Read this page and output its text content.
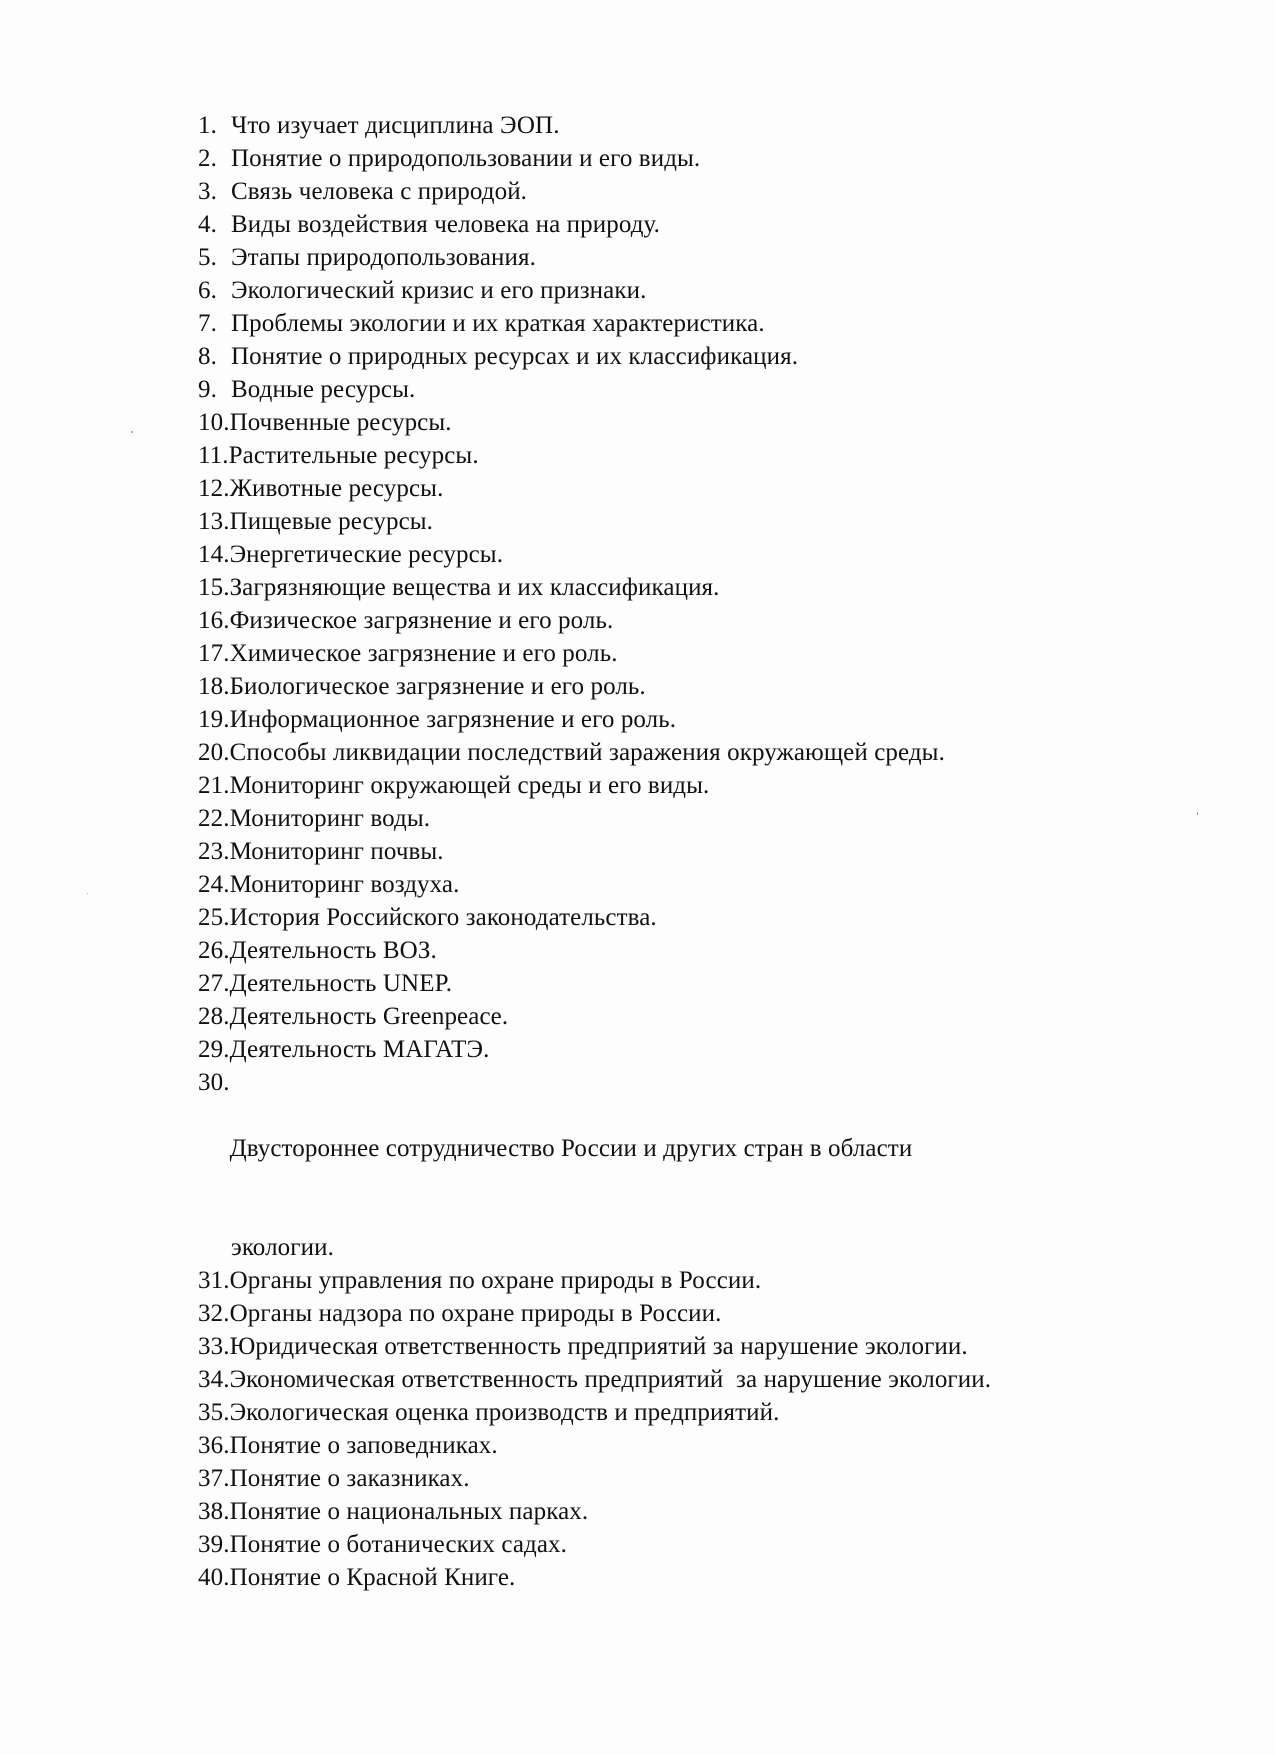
1. Что изучает дисциплина ЭОП.
2. Понятие о природопользовании и его виды.
3. Связь человека с природой.
4. Виды воздействия человека на природу.
5. Этапы природопользования.
6. Экологический кризис и его признаки.
7. Проблемы экологии и их краткая характеристика.
8. Понятие о природных ресурсах и их классификация.
9. Водные ресурсы.
10. Почвенные ресурсы.
11. Растительные ресурсы.
12. Животные ресурсы.
13. Пищевые ресурсы.
14. Энергетические ресурсы.
15. Загрязняющие вещества и их классификация.
16. Физическое загрязнение и его роль.
17. Химическое загрязнение и его роль.
18. Биологическое загрязнение и его роль.
19. Информационное загрязнение и его роль.
20. Способы ликвидации последствий заражения окружающей среды.
21. Мониторинг окружающей среды и его виды.
22. Мониторинг воды.
23. Мониторинг почвы.
24. Мониторинг воздуха.
25. История Российского законодательства.
26. Деятельность ВОЗ.
27. Деятельность UNEP.
28. Деятельность Greenpeace.
29. Деятельность МАГАТЭ.
30.

Двустороннее сотрудничество России и других стран в области

экологии.
31. Органы управления по охране природы в России.
32. Органы надзора по охране природы в России.
33. Юридическая ответственность предприятий за нарушение экологии.
34. Экономическая ответственность предприятий  за нарушение экологии.
35. Экологическая оценка производств и предприятий.
36. Понятие о заповедниках.
37. Понятие о заказниках.
38. Понятие о национальных парках.
39. Понятие о ботанических садах.
40. Понятие о Красной Книге.
